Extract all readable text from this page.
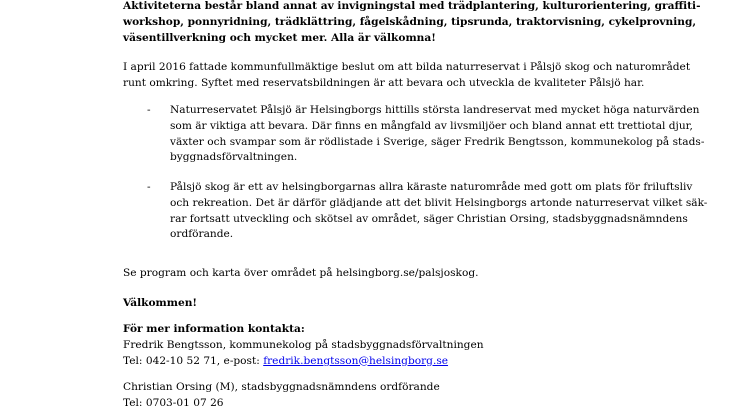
Aktiviteterna består bland annat av invigningstal med trädplantering, kulturorientering, graffiti-
workshop, ponnyridning, trädklättring, fågelskådning, tipsrunda, traktorvisning, cykelprovning,
väsentillverkning och mycket mer. Alla är välkomna!
I april 2016 fattade kommunfullmäktige beslut om att bilda naturreservat i Pålsjö skog och naturområdet
runt omkring. Syftet med reservatsbildningen är att bevara och utveckla de kvaliteter Pålsjö har.
- Naturreservatet Pålsjö är Helsingborgs hittills största landreservat med mycket höga naturvärden
som är viktiga att bevara. Där finns en mångfald av livsmiljöer och bland annat ett trettiotal djur,
växter och svampar som är rödlistade i Sverige, säger Fredrik Bengtsson, kommunekolog på stads-
byggnadsförvaltningen.
- Pålsjö skog är ett av helsingborgarnas allra käraste naturområde med gott om plats för friluftsliv
och rekreation. Det är därför glädjande att det blivit Helsingborgs artonde naturreservat vilket säk-
rar fortsatt utveckling och skötsel av området, säger Christian Orsing, stadsbyggnadsnämndens
ordförande.
Se program och karta över området på helsingborg.se/palsjoskog.
Välkommen!
För mer information kontakta:
Fredrik Bengtsson, kommunekolog på stadsbyggnadsförvaltningen
Tel: 042-10 52 71, e-post: fredrik.bengtsson@helsingborg.se
Christian Orsing (M), stadsbyggnadsnämndens ordförande
Tel: 0703-01 07 26
